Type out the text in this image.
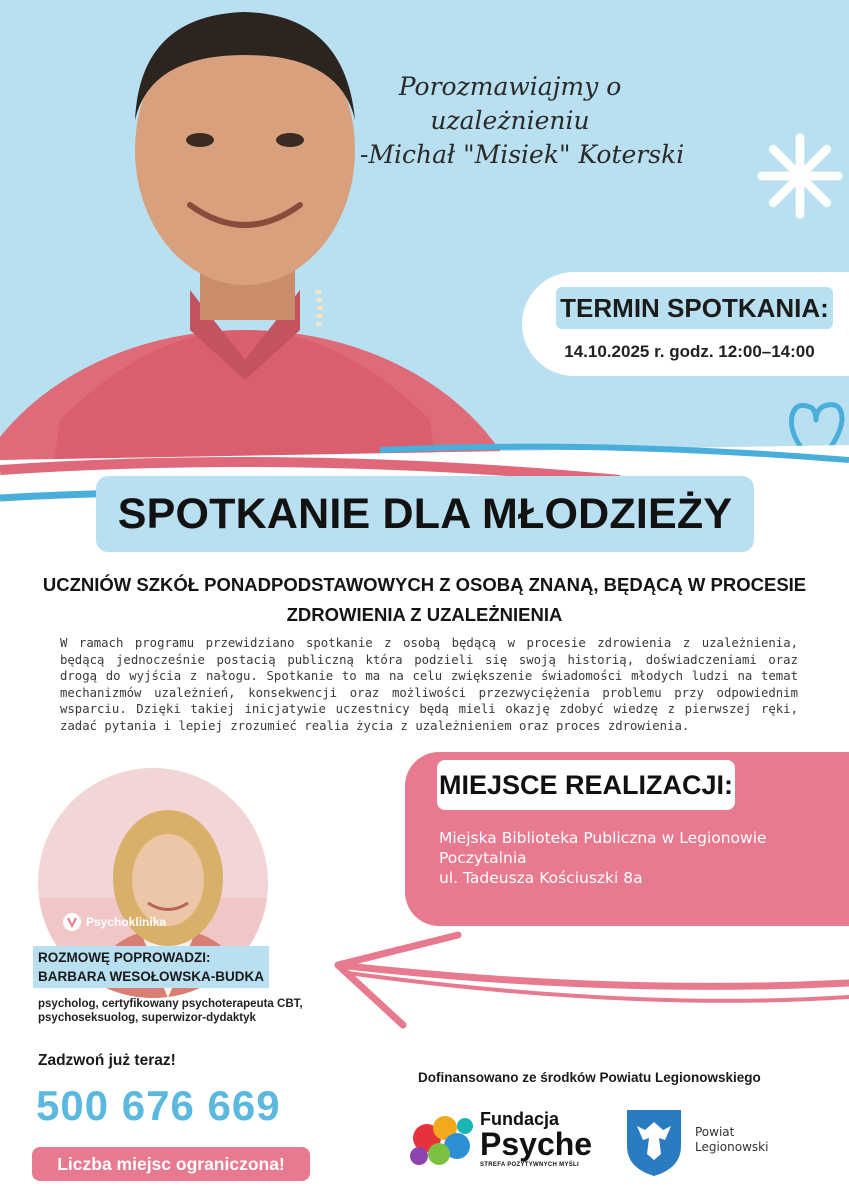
Porozmawiajmy o
uzależnieniu
-Michał "Misiek" Koterski
TERMIN SPOTKANIA:
14.10.2025 r. godz. 12:00–14:00
SPOTKANIE DLA MŁODZIEŻY
UCZNIÓW SZKÓŁ PONADPODSTAWOWYCH Z OSOBĄ ZNANĄ, BĘDĄCĄ W PROCESIE
ZDROWIENIA Z UZALEŻNIENIA

W ramach programu przewidziano spotkanie z osobą będącą w procesie zdrowienia z uzależnienia, będącą jednocześnie postacią publiczną która podzieli się swoją historią, doświadczeniami oraz drogą do wyjścia z nałogu. Spotkanie to ma na celu zwiększenie świadomości młodych ludzi na temat mechanizmów uzależnień, konsekwencji oraz możliwości przezwyciężenia problemu przy odpowiednim wsparciu. Dzięki takiej inicjatywie uczestnicy będą mieli okazję zdobyć wiedzę z pierwszej ręki, zadać pytania i lepiej zrozumieć realia życia z uzależnieniem oraz proces zdrowienia.

MIEJSCE REALIZACJI:
Miejska Biblioteka Publiczna w Legionowie
Poczytalnia
ul. Tadeusza Kościuszki 8a
Psychoklinika
ROZMOWĘ POPROWADZI:
BARBARA WESOŁOWSKA-BUDKA
psycholog, certyfikowany psychoterapeuta CBT,
psychoseksuolog, superwizor-dydaktyk
Zadzwoń już teraz!
500 676 669
Liczba miejsc ograniczona!
Dofinansowano ze środków Powiatu Legionowskiego
Fundacja
Psyche
STREFA POZYTYWNYCH MYŚLI
Powiat
Legionowski
